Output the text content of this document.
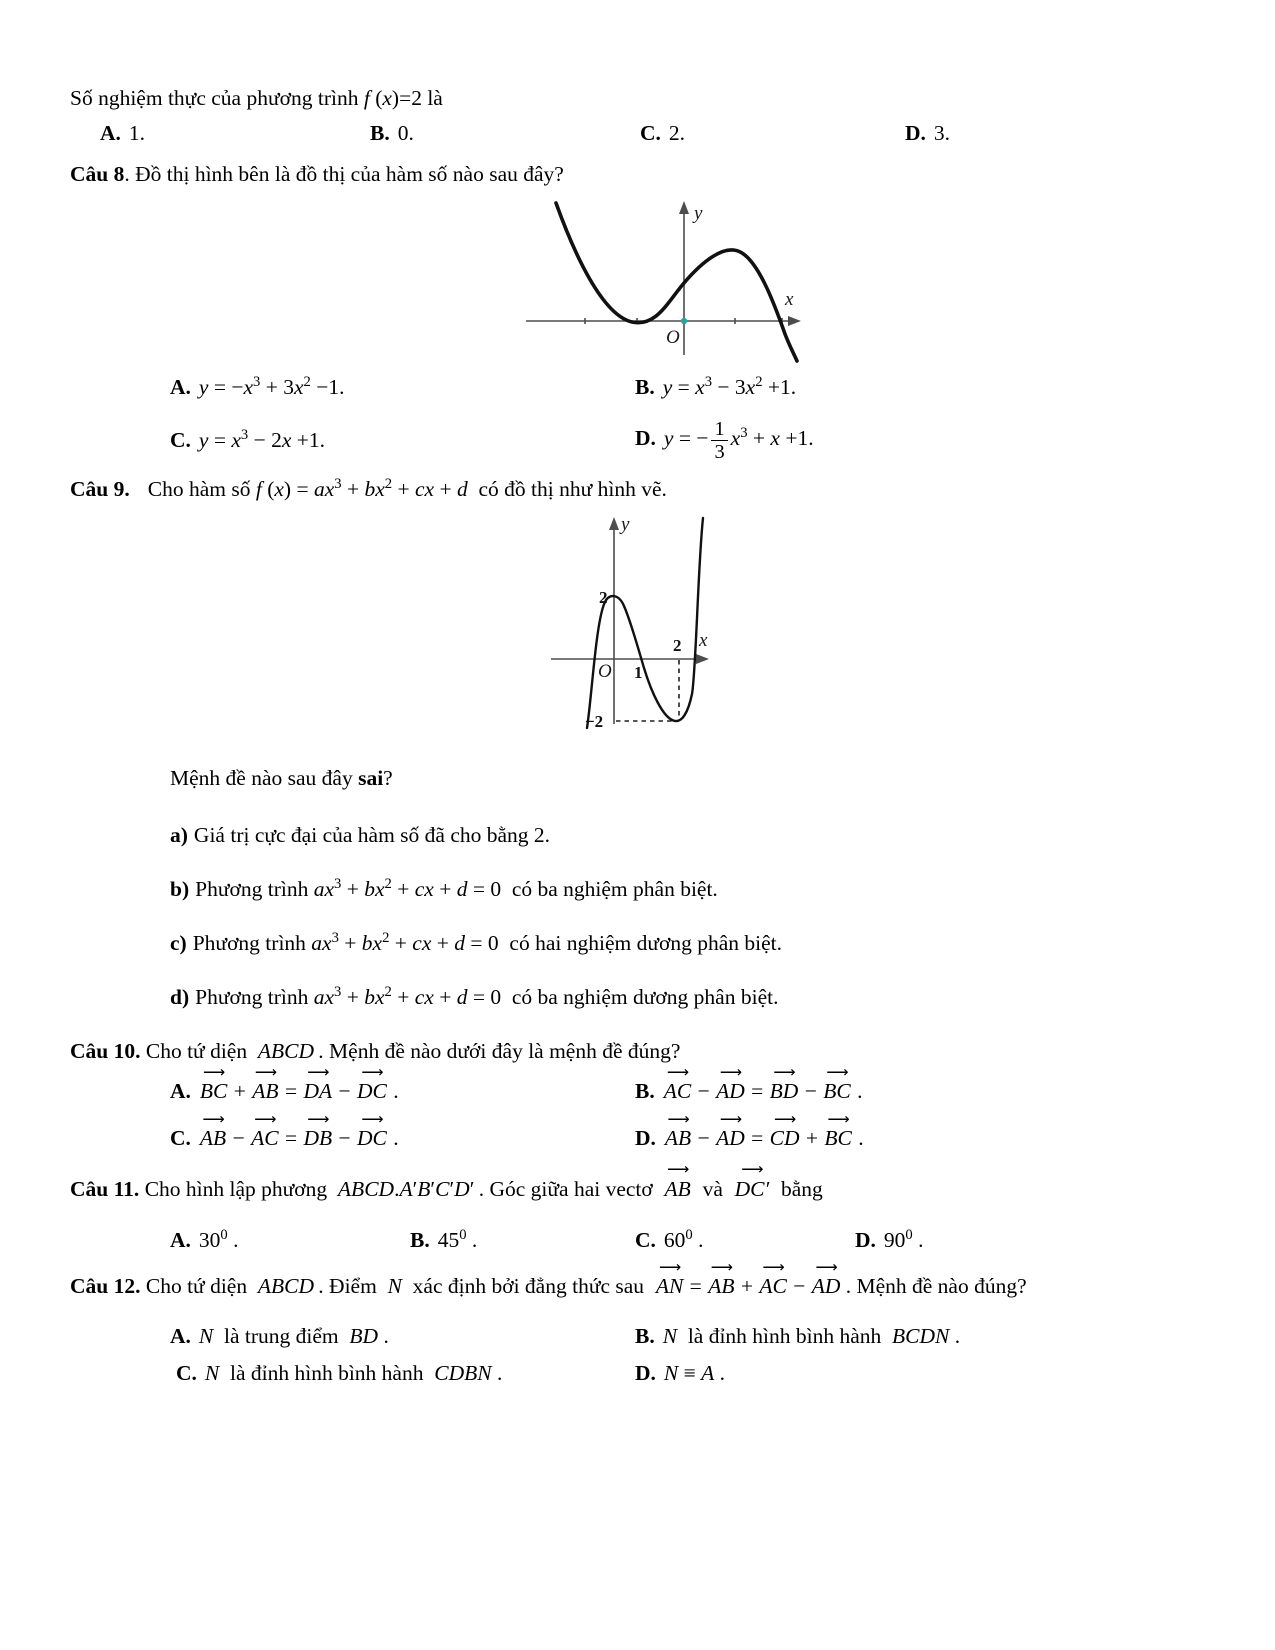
Số nghiệm thực của phương trình f (x)=2 là

A. 1.	B. 0.	C. 2.	D. 3.

Câu 8. Đồ thị hình bên là đồ thị của hàm số nào sau đây?

y
x
O
A. $y = -x^3 + 3x^2 -1$.	B. $y = x^3 - 3x^2 +1$.
C. $y = x^3 - 2x +1$.	D. y = − $\frac{1}{3} x^3 + x +1$.

Câu 9. Cho hàm số f $(x) = ax^3 + bx^2$ + cx + d  có đồ thị như hình vẽ.

y
x
O
2
1
2
−2

Mệnh đề nào sau đây sai?

a) Giá trị cực đại của hàm số đã cho bằng 2.

b) Phương trình $ax^3 + bx^2$ + cx + d = 0  có ba nghiệm phân biệt.

c) Phương trình $ax^3 + bx^2$ + cx + d = 0  có hai nghiệm dương phân biệt.

d) Phương trình $ax^3 + bx^2$ + cx + d = 0  có ba nghiệm dương phân biệt.

Câu 10. Cho tứ diện  ABCD . Mệnh đề nào dưới đây là mệnh đề đúng?

A. ⟶ BC + ⟶ AB = ⟶ DA − ⟶ DC .	B. ⟶ AC − ⟶ AD = ⟶ BD − ⟶ BC .
C. ⟶ AB − ⟶ AC = ⟶ DB − ⟶ DC .	D. ⟶ AB − ⟶ AD = ⟶ CD + ⟶ BC .

Câu 11. Cho hình lập phương  ABCD.A′B′C′D′ . Góc giữa hai vectơ  ⟶ AB  và  ⟶ DC′  bằng

A. $30^0$ .	B. $45^0$ .	C. $60^0$ .	D. $90^0$ .

Câu 12. Cho tứ diện  ABCD . Điểm  N  xác định bởi đẳng thức sau  ⟶ AN = ⟶ AB + ⟶ AC − ⟶ AD . Mệnh đề nào đúng?

A. N  là trung điểm  BD .	B. N  là đỉnh hình bình hành  BCDN .
C. N  là đỉnh hình bình hành  CDBN .	D. N ≡ A .
